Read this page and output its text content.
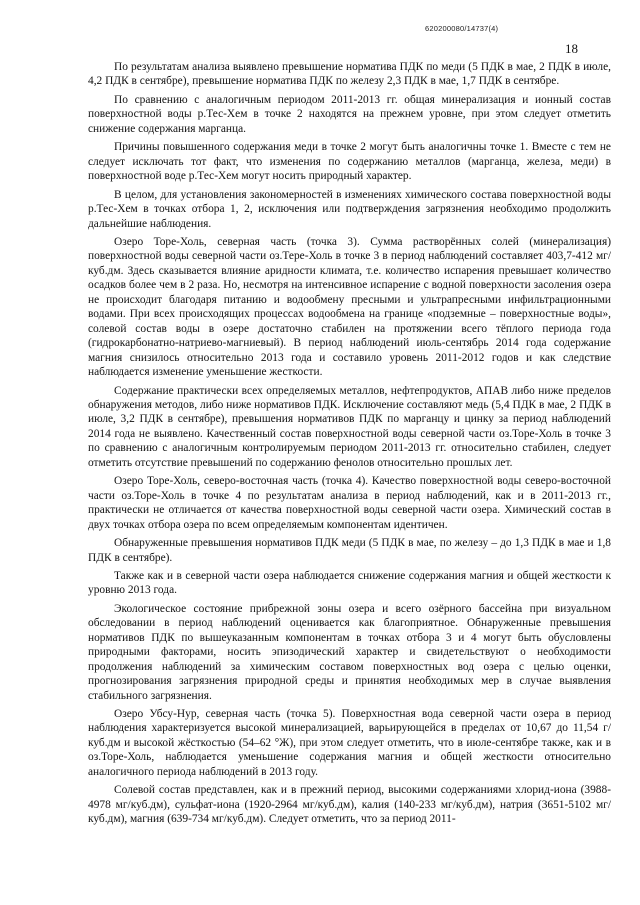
620200080/14737(4)
18

По результатам анализа выявлено превышение норматива ПДК по меди (5 ПДК в мае, 2 ПДК в июле, 4,2 ПДК в сентябре), превышение норматива ПДК по железу 2,3 ПДК в мае, 1,7 ПДК в сентябре.

По сравнению с аналогичным периодом 2011-2013 гг. общая минерализация и ионный состав поверхностной воды р.Тес-Хем в точке 2 находятся на прежнем уровне, при этом следует отметить снижение содержания марганца.

Причины повышенного содержания меди в точке 2 могут быть аналогичны точке 1. Вместе с тем не следует исключать тот факт, что изменения по содержанию металлов (марганца, железа, меди) в поверхностной воде р.Тес-Хем могут носить природный характер.

В целом, для установления закономерностей в изменениях химического состава поверхностной воды р.Тес-Хем в точках отбора 1, 2, исключения или подтверждения загрязнения необходимо продолжить дальнейшие наблюдения.

Озеро Торе-Холь, северная часть (точка 3). Сумма растворённых солей (минерализация) поверхностной воды северной части оз.Тере-Холь в точке 3 в период наблюдений составляет 403,7-412 мг/куб.дм. Здесь сказывается влияние аридности климата, т.е. количество испарения превышает количество осадков более чем в 2 раза. Но, несмотря на интенсивное испарение с водной поверхности засоления озера не происходит благодаря питанию и водообмену пресными и ультрапресными инфильтрационными водами. При всех происходящих процессах водообмена на границе «подземные – поверхностные воды», солевой состав воды в озере достаточно стабилен на протяжении всего тёплого периода года (гидрокарбонатно-натриево-магниевый). В период наблюдений июль-сентябрь 2014 года содержание магния снизилось относительно 2013 года и составило уровень 2011-2012 годов и как следствие наблюдается изменение уменьшение жесткости.

Содержание практически всех определяемых металлов, нефтепродуктов, АПАВ либо ниже пределов обнаружения методов, либо ниже нормативов ПДК. Исключение составляют медь (5,4 ПДК в мае, 2 ПДК в июле, 3,2 ПДК в сентябре), превышения нормативов ПДК по марганцу и цинку за период наблюдений 2014 года не выявлено. Качественный состав поверхностной воды северной части оз.Торе-Холь в точке 3 по сравнению с аналогичным контролируемым периодом 2011-2013 гг. относительно стабилен, следует отметить отсутствие превышений по содержанию фенолов относительно прошлых лет.

Озеро Торе-Холь, северо-восточная часть (точка 4). Качество поверхностной воды северо-восточной части оз.Торе-Холь в точке 4 по результатам анализа в период наблюдений, как и в 2011-2013 гг., практически не отличается от качества поверхностной воды северной части озера. Химический состав в двух точках отбора озера по всем определяемым компонентам идентичен.

Обнаруженные превышения нормативов ПДК меди (5 ПДК в мае, по железу – до 1,3 ПДК в мае и 1,8 ПДК в сентябре).

Также как и в северной части озера наблюдается снижение содержания магния и общей жесткости к уровню 2013 года.

Экологическое состояние прибрежной зоны озера и всего озёрного бассейна при визуальном обследовании в период наблюдений оценивается как благоприятное. Обнаруженные превышения нормативов ПДК по вышеуказанным компонентам в точках отбора 3 и 4 могут быть обусловлены природными факторами, носить эпизодический характер и свидетельствуют о необходимости продолжения наблюдений за химическим составом поверхностных вод озера с целью оценки, прогнозирования загрязнения природной среды и принятия необходимых мер в случае выявления стабильного загрязнения.

Озеро Убсу-Нур, северная часть (точка 5). Поверхностная вода северной части озера в период наблюдения характеризуется высокой минерализацией, варьирующейся в пределах от 10,67 до 11,54 г/куб.дм и высокой жёсткостью (54–62 °Ж), при этом следует отметить, что в июле-сентябре также, как и в оз.Торе-Холь, наблюдается уменьшение содержания магния и общей жесткости относительно аналогичного периода наблюдений в 2013 году.

Солевой состав представлен, как и в прежний период, высокими содержаниями хлорид-иона (3988-4978 мг/куб.дм), сульфат-иона (1920-2964 мг/куб.дм), калия (140-233 мг/куб.дм), натрия (3651-5102 мг/куб.дм), магния (639-734 мг/куб.дм). Следует отметить, что за период 2011-
